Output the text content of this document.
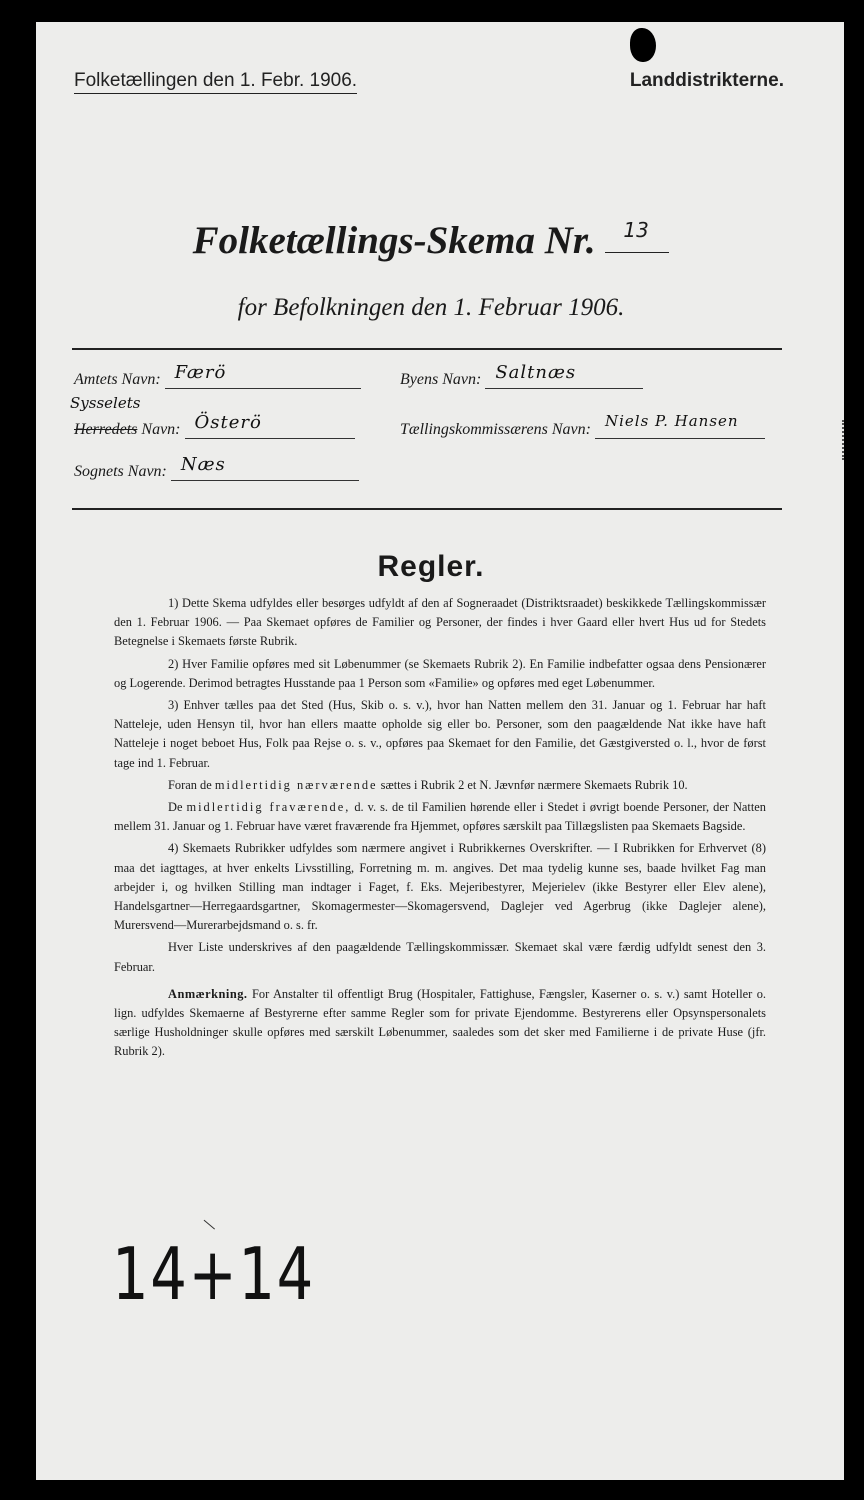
Folketællingen den 1. Febr. 1906.	Landdistrikterne.
Folketællings-Skema Nr. 13
for Befolkningen den 1. Februar 1906.
Amtets Navn: Færö	Byens Navn: Saltnæs
Sysselets
Herredets Navn: Österö	Tællingskommissærens Navn: Niels P. Hansen
Sognets Navn: Næs
Regler.

1) Dette Skema udfyldes eller besørges udfyldt af den af Sogneraadet (Distriktsraadet) beskikkede Tællingskommissær den 1. Februar 1906. — Paa Skemaet opføres de Familier og Personer, der findes i hver Gaard eller hvert Hus ud for Stedets Betegnelse i Skemaets første Rubrik.

2) Hver Familie opføres med sit Løbenummer (se Skemaets Rubrik 2). En Familie indbefatter ogsaa dens Pensionærer og Logerende. Derimod betragtes Husstande paa 1 Person som «Familie» og opføres med eget Løbenummer.

3) Enhver tælles paa det Sted (Hus, Skib o. s. v.), hvor han Natten mellem den 31. Januar og 1. Februar har haft Natteleje, uden Hensyn til, hvor han ellers maatte opholde sig eller bo. Personer, som den paagældende Nat ikke have haft Natteleje i noget beboet Hus, Folk paa Rejse o. s. v., opføres paa Skemaet for den Familie, det Gæstgiversted o. l., hvor de først tage ind 1. Februar.

Foran de midlertidig nærværende sættes i Rubrik 2 et N. Jævnfør nærmere Skemaets Rubrik 10.

De midlertidig fraværende, d. v. s. de til Familien hørende eller i Stedet i øvrigt boende Personer, der Natten mellem 31. Januar og 1. Februar have været fraværende fra Hjemmet, opføres særskilt paa Tillægslisten paa Skemaets Bagside.

4) Skemaets Rubrikker udfyldes som nærmere angivet i Rubrikkernes Overskrifter. — I Rubrikken for Erhvervet (8) maa det iagttages, at hver enkelts Livsstilling, Forretning m. m. angives. Det maa tydelig kunne ses, baade hvilket Fag man arbejder i, og hvilken Stilling man indtager i Faget, f. Eks. Mejeribestyrer, Mejerielev (ikke Bestyrer eller Elev alene), Handelsgartner—Herregaardsgartner, Skomagermester—Skomagersvend, Daglejer ved Agerbrug (ikke Daglejer alene), Murersvend—Murerarbejdsmand o. s. fr.

Hver Liste underskrives af den paagældende Tællingskommissær. Skemaet skal være færdig udfyldt senest den 3. Februar.

Anmærkning. For Anstalter til offentligt Brug (Hospitaler, Fattighuse, Fængsler, Kaserner o. s. v.) samt Hoteller o. lign. udfyldes Skemaerne af Bestyrerne efter samme Regler som for private Ejendomme. Bestyrerens eller Opsynspersonalets særlige Husholdninger skulle opføres med særskilt Løbenummer, saaledes som det sker med Familierne i de private Huse (jfr. Rubrik 2).

14+14
